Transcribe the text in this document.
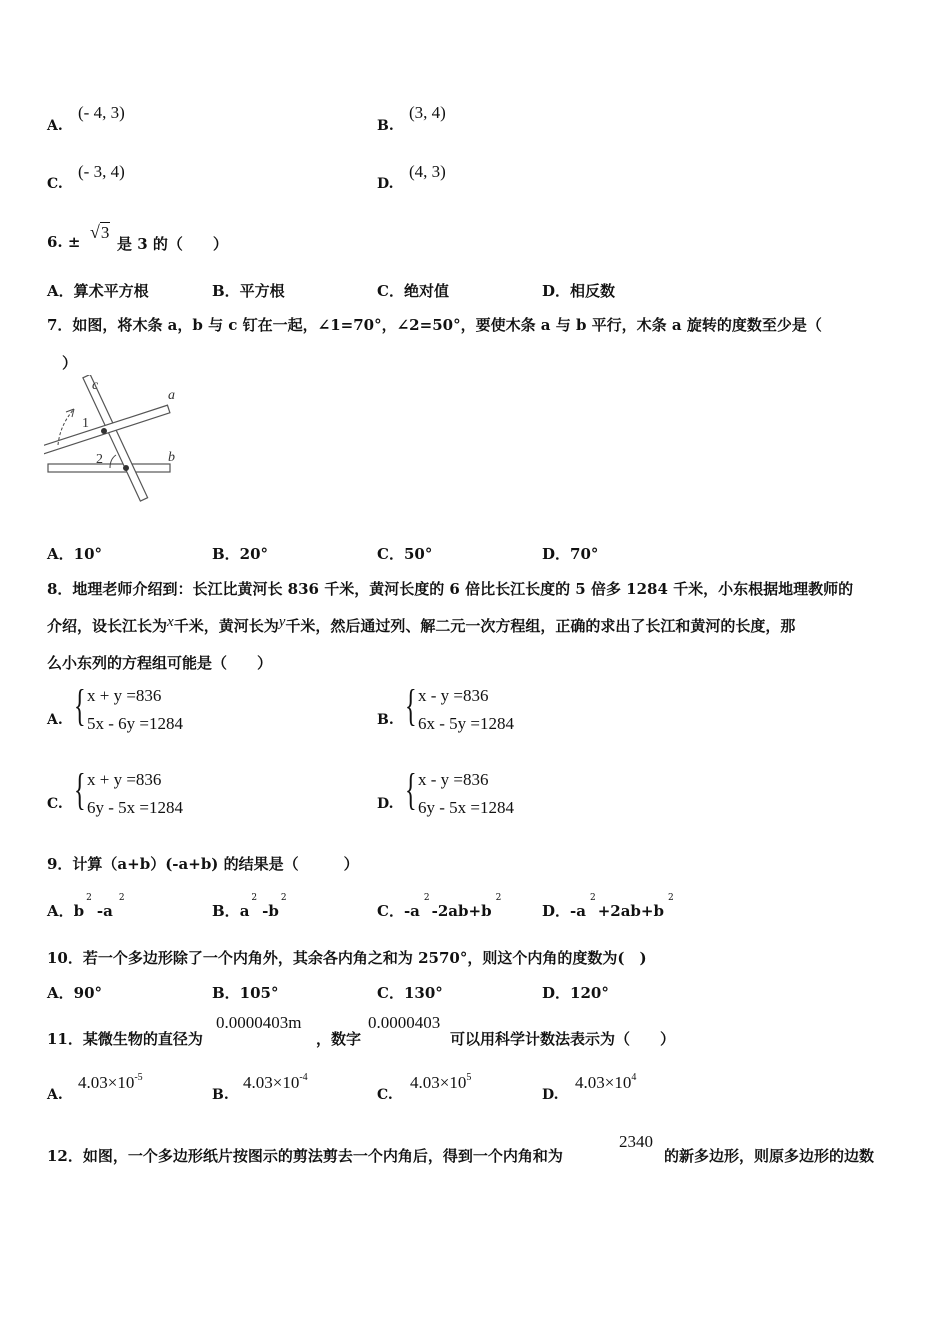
A.
(- 4, 3)
B.
(3, 4)
C.
(- 3, 4)
D.
(4, 3)
6. ± √3
是 3 的（　　）
A．算术平方根	B．平方根	C．绝对值	D．相反数
7．如图，将木条 a，b 与 c 钉在一起，∠1=70°，∠2=50°，要使木条 a 与 b 平行，木条 a 旋转的度数至少是（
）
c
a
b
1
2
A．10°	B．20°	C．50°	D．70°
8．地理老师介绍到：长江比黄河长 836 千米，黄河长度的 6 倍比长江长度的 5 倍多 1284 千米，小东根据地理教师的
介绍，设长江长为x千米，黄河长为y千米，然后通过列、解二元一次方程组，正确的求出了长江和黄河的长度，那
么小东列的方程组可能是（　　）
A. { x + y =836
5x - 6y =1284	B. { x - y =836
6x - 5y =1284
C. { x + y =836
6y - 5x =1284	D. { x - y =836
6y - 5x =1284
9．计算（a+b）(-a+b) 的结果是（　　　）
A．$b^2-a^2$
B．$a^2-b^2$
C．$-a^2-2ab+b^2$
D．$-a^2+2ab+b^2$
10．若一个多边形除了一个内角外，其余各内角之和为 2570°，则这个内角的度数为(　)
A．90°	B．105°	C．130°	D．120°
11．某微生物的直径为
0.0000403m
，数字
0.0000403
可以用科学计数法表示为（　　）
A.
$4.03\times 10^{-5}$
B.
$4.03\times 10^{-4}$
C.
$4.03\times 10^5$
D.
$4.03\times 10^4$
12．如图，一个多边形纸片按图示的剪法剪去一个内角后，得到一个内角和为
2340
的新多边形，则原多边形的边数
